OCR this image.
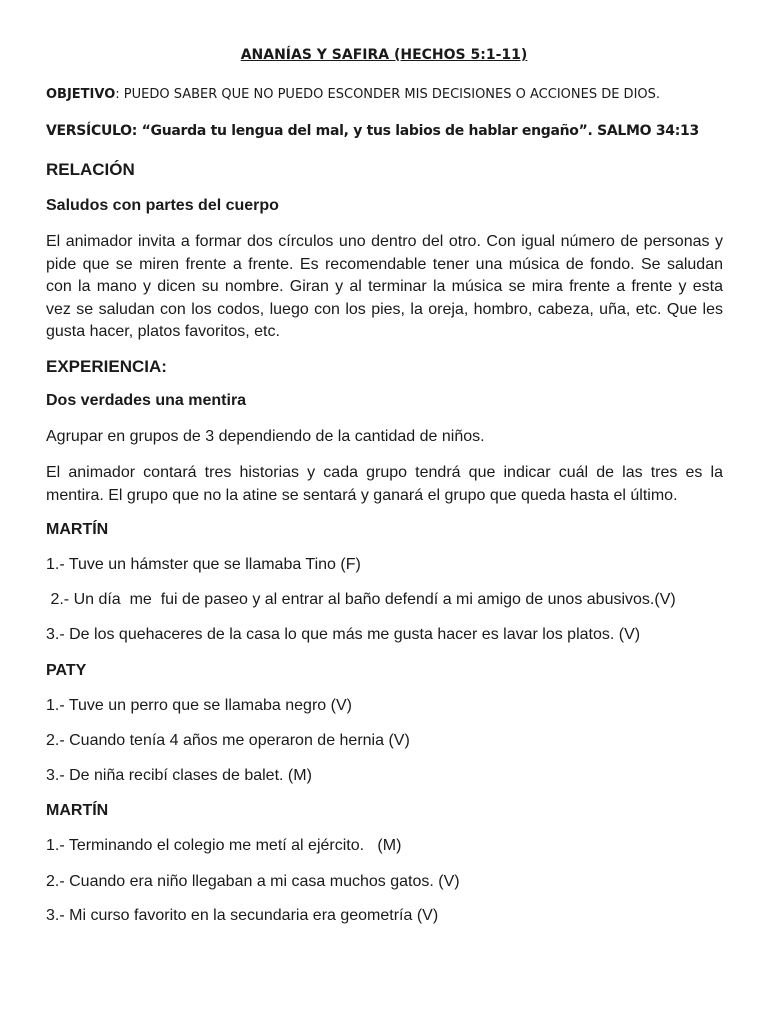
ANANÍAS Y SAFIRA (HECHOS 5:1-11)
OBJETIVO: PUEDO SABER QUE NO PUEDO ESCONDER MIS DECISIONES O ACCIONES DE DIOS.
VERSÍCULO: “Guarda tu lengua del mal, y tus labios de hablar engaño”. SALMO 34:13
RELACIÓN
Saludos con partes del cuerpo
El animador invita a formar dos círculos uno dentro del otro. Con igual número de personas y
pide que se miren frente a frente. Es recomendable tener una música de fondo. Se saludan
con la mano y dicen su nombre. Giran y al terminar la música se mira frente a frente y esta
vez se saludan con los codos, luego con los pies, la oreja, hombro, cabeza, uña, etc. Que les
gusta hacer, platos favoritos, etc.
EXPERIENCIA:
Dos verdades una mentira
Agrupar en grupos de 3 dependiendo de la cantidad de niños.
El animador contará tres historias y cada grupo tendrá que indicar cuál de las tres es la
mentira. El grupo que no la atine se sentará y ganará el grupo que queda hasta el último.
MARTÍN
1.- Tuve un hámster que se llamaba Tino (F)
2.- Un día  me  fui de paseo y al entrar al baño defendí a mi amigo de unos abusivos.(V)
3.- De los quehaceres de la casa lo que más me gusta hacer es lavar los platos. (V)
PATY
1.- Tuve un perro que se llamaba negro (V)
2.- Cuando tenía 4 años me operaron de hernia (V)
3.- De niña recibí clases de balet. (M)
MARTÍN
1.- Terminando el colegio me metí al ejército.   (M)
2.- Cuando era niño llegaban a mi casa muchos gatos. (V)
3.- Mi curso favorito en la secundaria era geometría (V)
